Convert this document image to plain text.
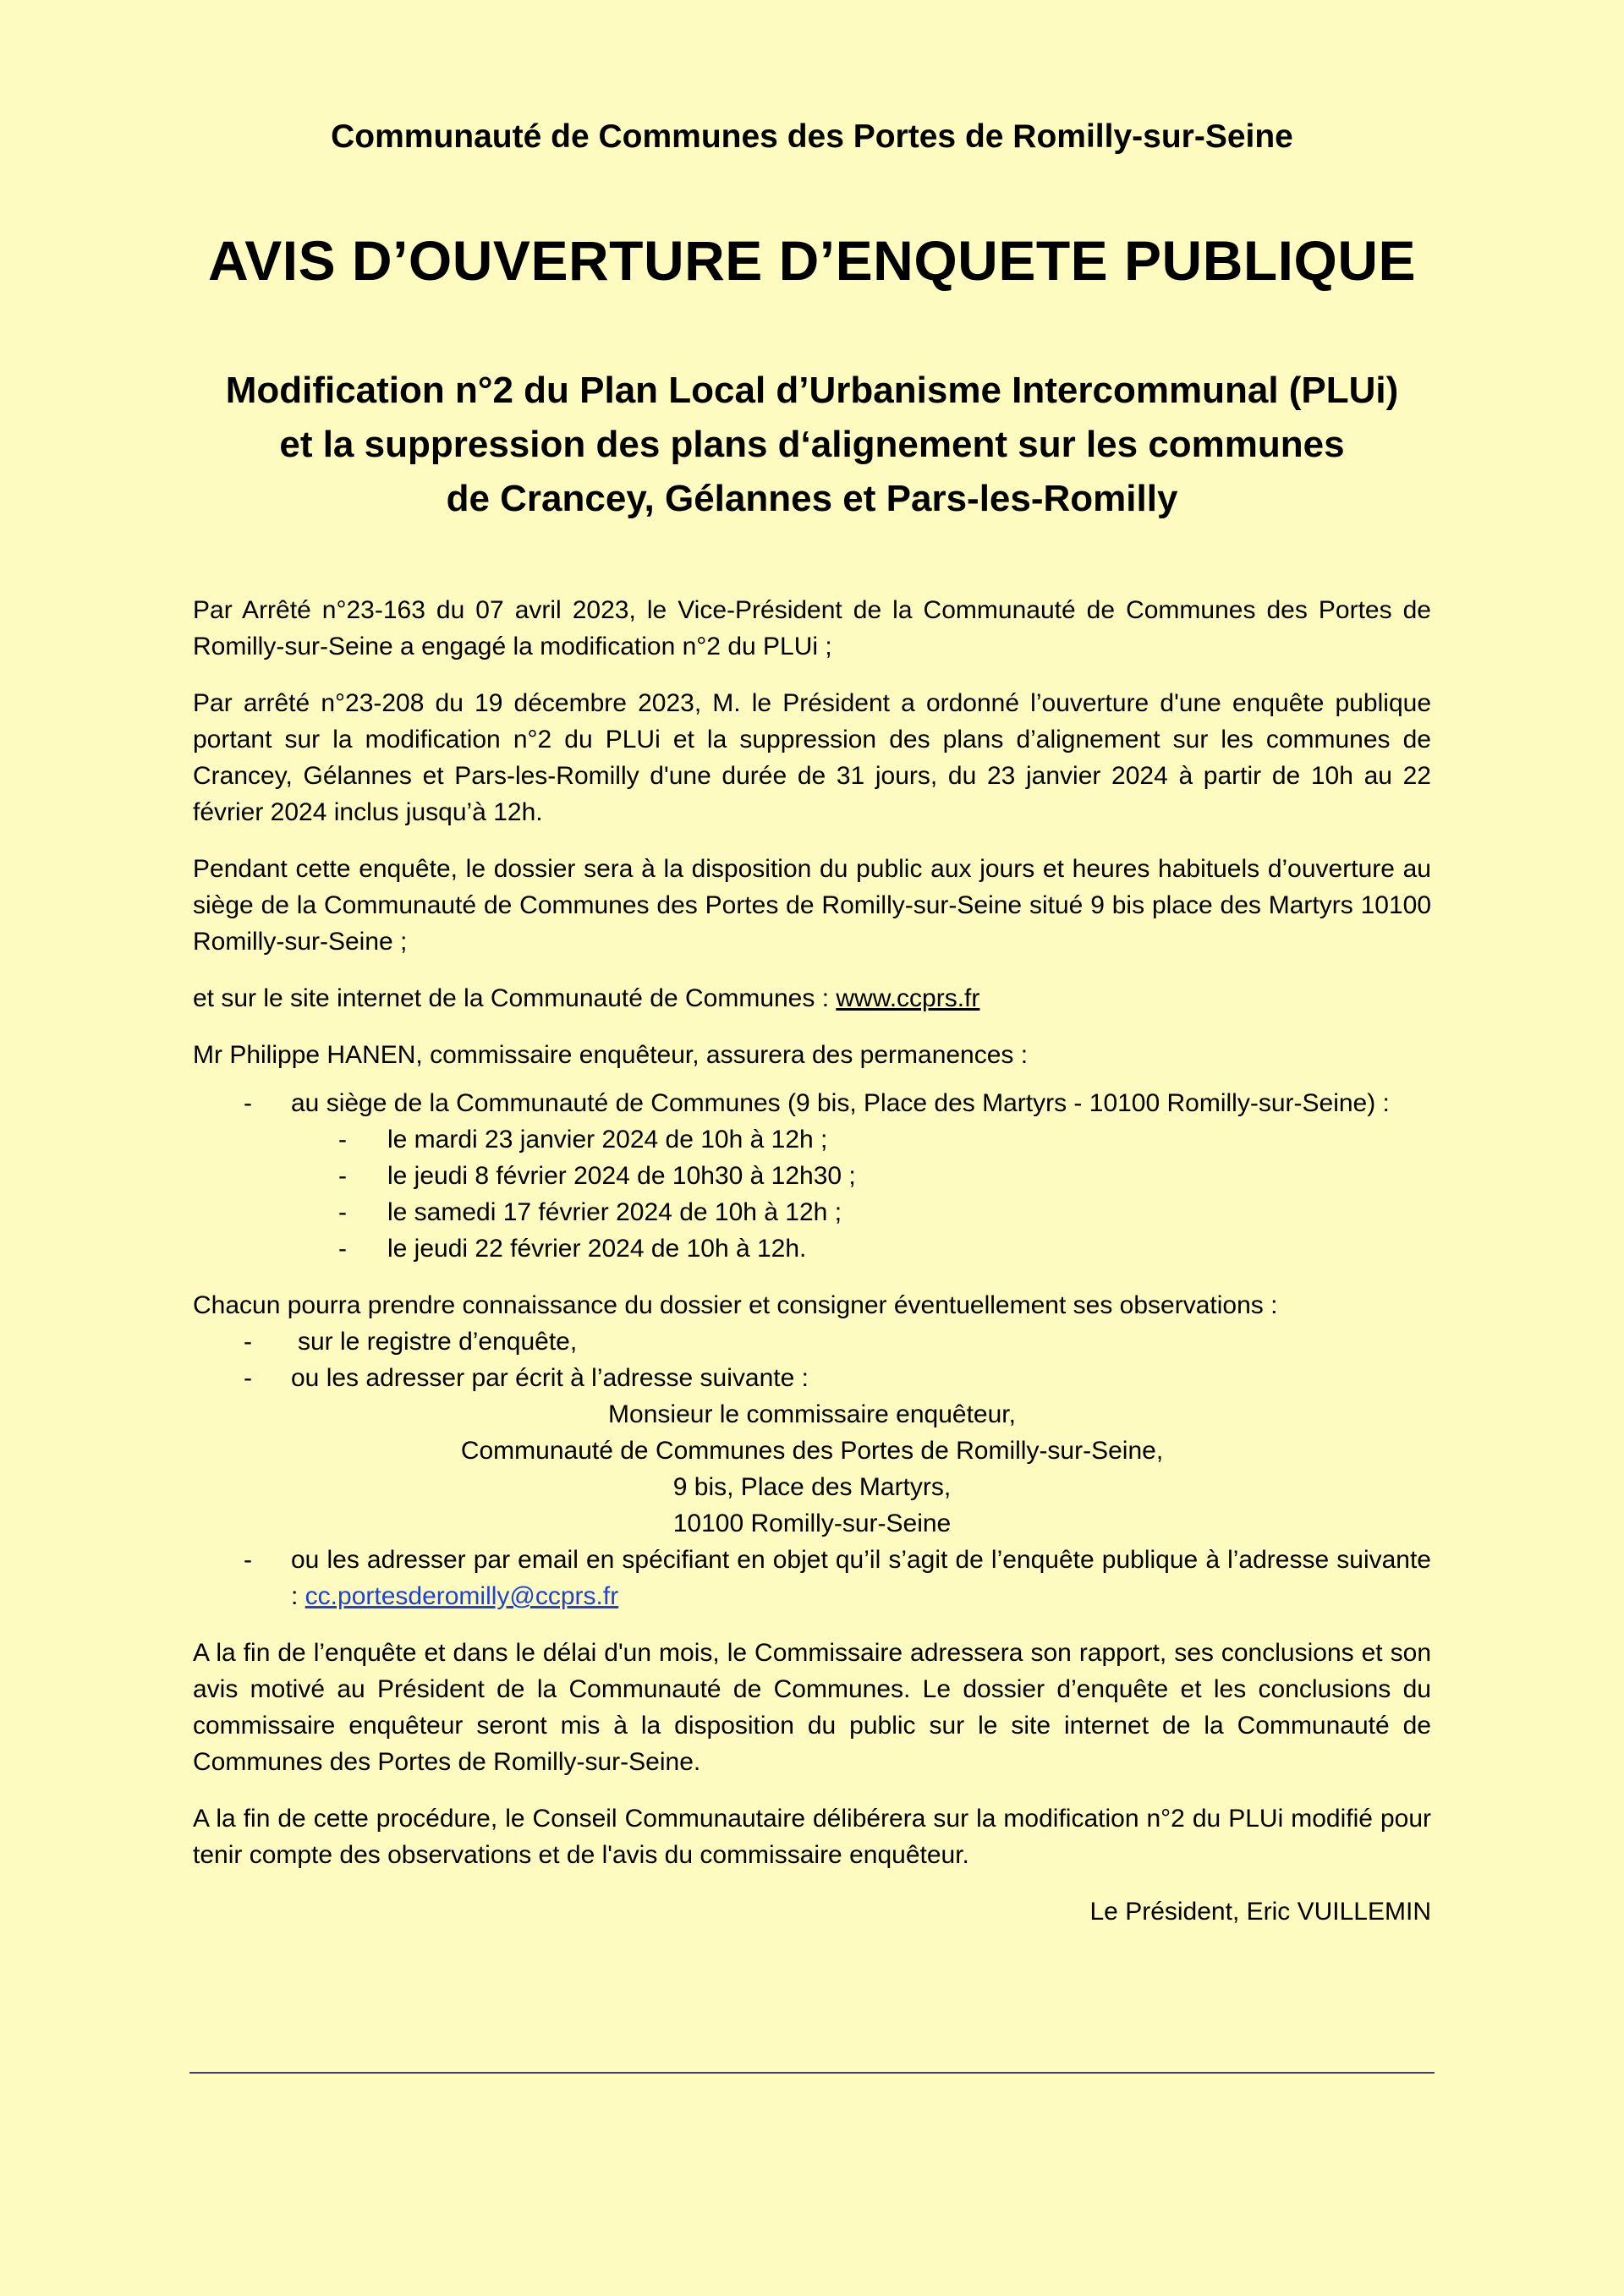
Communauté de Communes des Portes de Romilly-sur-Seine
AVIS D’OUVERTURE D’ENQUETE PUBLIQUE
Modification n°2 du Plan Local d’Urbanisme Intercommunal (PLUi)
et la suppression des plans d‘alignement sur les communes
de Crancey, Gélannes et Pars-les-Romilly
Par Arrêté n°23-163 du 07 avril 2023, le Vice-Président de la Communauté de Communes des Portes de Romilly-sur-Seine a engagé la modification n°2 du PLUi ;
Par arrêté n°23-208 du 19 décembre 2023, M. le Président a ordonné l’ouverture d'une enquête publique portant sur la modification n°2 du PLUi et la suppression des plans d’alignement sur les communes de Crancey, Gélannes et Pars-les-Romilly d'une durée de 31 jours, du 23 janvier 2024 à partir de 10h au 22 février 2024 inclus jusqu’à 12h.
Pendant cette enquête, le dossier sera à la disposition du public aux jours et heures habituels d’ouverture au siège de la Communauté de Communes des Portes de Romilly-sur-Seine situé 9 bis place des Martyrs 10100 Romilly-sur-Seine ;
et sur le site internet de la Communauté de Communes : www.ccprs.fr
Mr Philippe HANEN, commissaire enquêteur, assurera des permanences :
- au siège de la Communauté de Communes (9 bis, Place des Martyrs - 10100 Romilly-sur-Seine) :
- le mardi 23 janvier 2024 de 10h à 12h ;
- le jeudi 8 février 2024 de 10h30 à 12h30 ;
- le samedi 17 février 2024 de 10h à 12h ;
- le jeudi 22 février 2024 de 10h à 12h.
Chacun pourra prendre connaissance du dossier et consigner éventuellement ses observations :
- sur le registre d’enquête,
- ou les adresser par écrit à l’adresse suivante :
Monsieur le commissaire enquêteur,
Communauté de Communes des Portes de Romilly-sur-Seine,
9 bis, Place des Martyrs,
10100 Romilly-sur-Seine
- ou les adresser par email en spécifiant en objet qu’il s’agit de l’enquête publique à l’adresse suivante : cc.portesderomilly@ccprs.fr
A la fin de l’enquête et dans le délai d'un mois, le Commissaire adressera son rapport, ses conclusions et son avis motivé au Président de la Communauté de Communes. Le dossier d’enquête et les conclusions du commissaire enquêteur seront mis à la disposition du public sur le site internet de la Communauté de Communes des Portes de Romilly-sur-Seine.
A la fin de cette procédure, le Conseil Communautaire délibérera sur la modification n°2 du PLUi modifié pour tenir compte des observations et de l'avis du commissaire enquêteur.
Le Président, Eric VUILLEMIN
